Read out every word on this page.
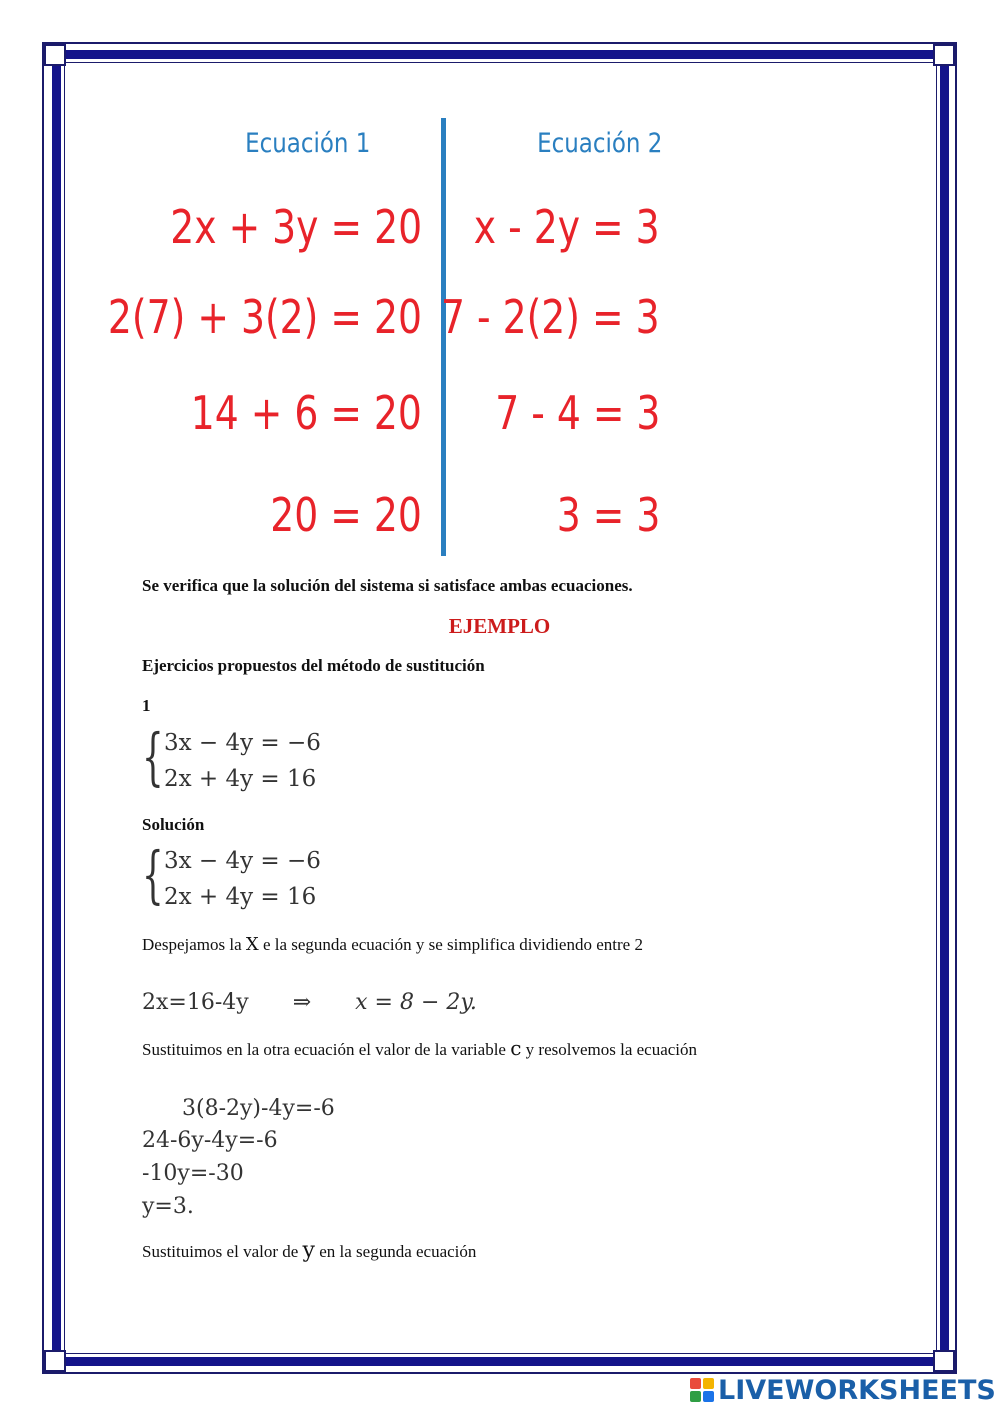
Ecuación 1	Ecuación 2
2x + 3y = 20
2(7) + 3(2) = 20
14 + 6 = 20
20 = 20
x - 2y = 3
7 - 2(2) = 3
7 - 4 = 3
3 = 3
Se verifica que la solución del sistema si satisface ambas ecuaciones.
EJEMPLO
Ejercicios propuestos del método de sustitución
1
{ 3x − 4y = −6
2x + 4y = 16
Solución
{ 3x − 4y = −6
2x + 4y = 16
Despejamos la X e la segunda ecuación y se simplifica dividiendo entre 2
2x=16-4y ⇒ x = 8 − 2y.
Sustituimos en la otra ecuación el valor de la variable c y resolvemos la ecuación
3(8-2y)-4y=-6
24-6y-4y=-6
-10y=-30
y=3.
Sustituimos el valor de y en la segunda ecuación
LIVEWORKSHEETS
